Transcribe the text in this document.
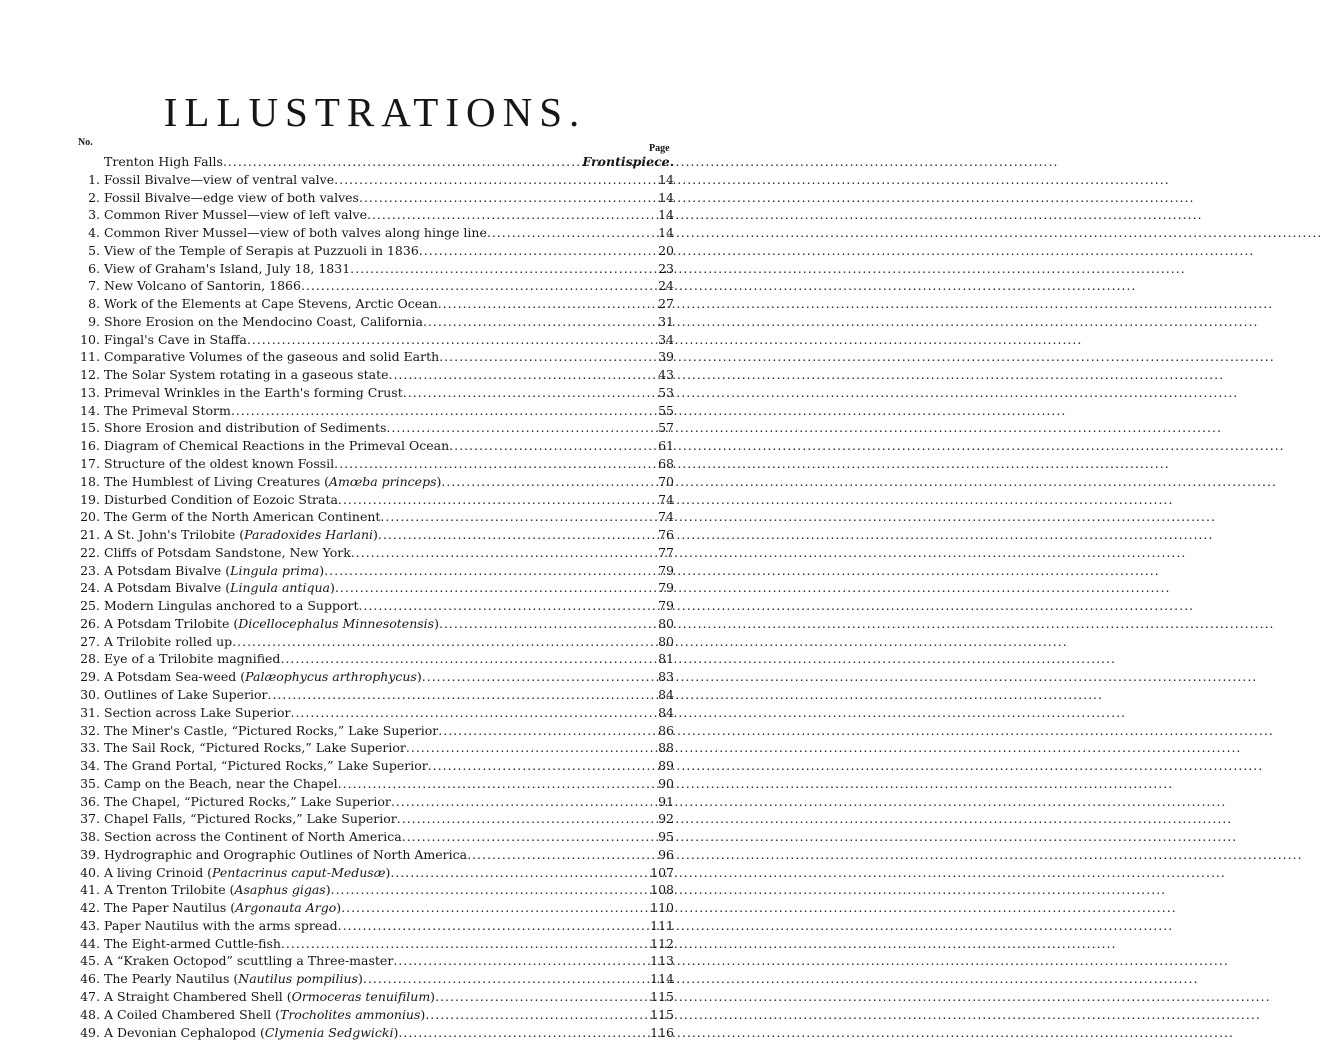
ILLUSTRATIONS.
No.
Page
Trenton High Falls .....	Frontispiece.
1. Fossil Bivalve—view of ventral valve .....	14
2. Fossil Bivalve—edge view of both valves .....	14
3. Common River Mussel—view of left valve .....	14
4. Common River Mussel—view of both valves along hinge line .....	14
5. View of the Temple of Serapis at Puzzuoli in 1836 .....	20
6. View of Graham's Island, July 18, 1831 .....	23
7. New Volcano of Santorin, 1866 .....	24
8. Work of the Elements at Cape Stevens, Arctic Ocean .....	27
9. Shore Erosion on the Mendocino Coast, California .....	31
10. Fingal's Cave in Staffa .....	34
11. Comparative Volumes of the gaseous and solid Earth .....	39
12. The Solar System rotating in a gaseous state .....	43
13. Primeval Wrinkles in the Earth's forming Crust .....	53
14. The Primeval Storm .....	55
15. Shore Erosion and distribution of Sediments .....	57
16. Diagram of Chemical Reactions in the Primeval Ocean .....	61
17. Structure of the oldest known Fossil .....	68
18. The Humblest of Living Creatures (Amœba princeps) .....	70
19. Disturbed Condition of Eozoic Strata .....	74
20. The Germ of the North American Continent .....	74
21. A St. John's Trilobite (Paradoxides Harlani) .....	76
22. Cliffs of Potsdam Sandstone, New York .....	77
23. A Potsdam Bivalve (Lingula prima) .....	79
24. A Potsdam Bivalve (Lingula antiqua) .....	79
25. Modern Lingulas anchored to a Support .....	79
26. A Potsdam Trilobite (Dicellocephalus Minnesotensis) .....	80
27. A Trilobite rolled up .....	80
28. Eye of a Trilobite magnified .....	81
29. A Potsdam Sea-weed (Palæophycus arthrophycus) .....	83
30. Outlines of Lake Superior .....	84
31. Section across Lake Superior .....	84
32. The Miner's Castle, “Pictured Rocks,” Lake Superior .....	86
33. The Sail Rock, “Pictured Rocks,” Lake Superior .....	88
34. The Grand Portal, “Pictured Rocks,” Lake Superior .....	89
35. Camp on the Beach, near the Chapel .....	90
36. The Chapel, “Pictured Rocks,” Lake Superior .....	91
37. Chapel Falls, “Pictured Rocks,” Lake Superior .....	92
38. Section across the Continent of North America .....	95
39. Hydrographic and Orographic Outlines of North America .....	96
40. A living Crinoid (Pentacrinus caput-Medusæ) .....	107
41. A Trenton Trilobite (Asaphus gigas) .....	108
42. The Paper Nautilus (Argonauta Argo) .....	110
43. Paper Nautilus with the arms spread .....	111
44. The Eight-armed Cuttle-fish .....	112
45. A “Kraken Octopod” scuttling a Three-master .....	113
46. The Pearly Nautilus (Nautilus pompilius) .....	114
47. A Straight Chambered Shell (Ormoceras tenuifilum) .....	115
48. A Coiled Chambered Shell (Trocholites ammonius) .....	115
49. A Devonian Cephalopod (Clymenia Sedgwicki) .....	116
